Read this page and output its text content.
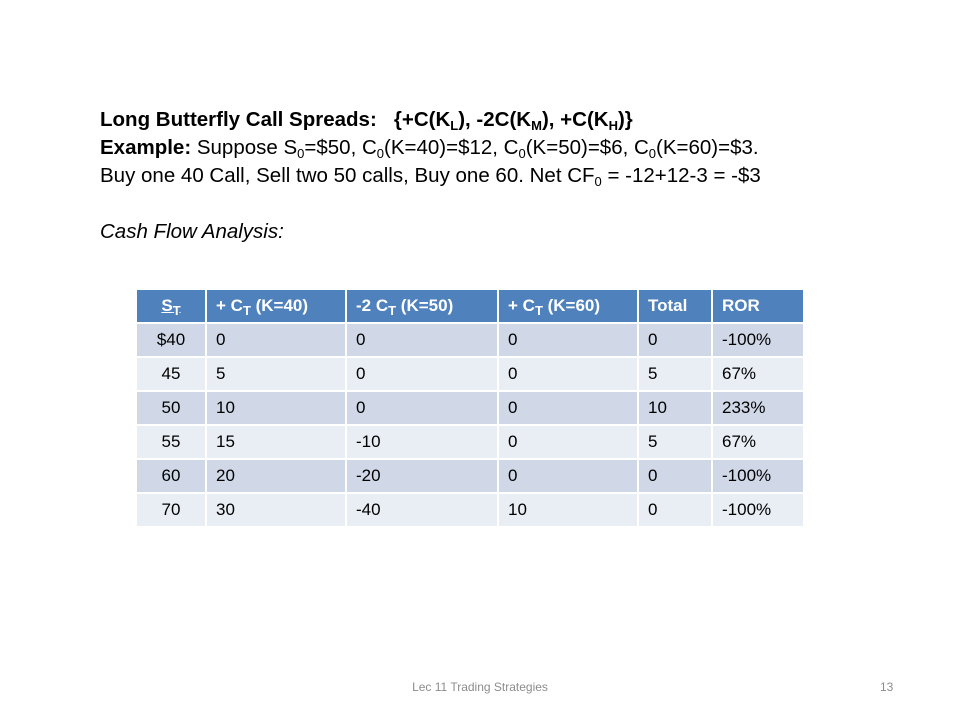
Long Butterfly Call Spreads: {$+C(K_L)$, $-2C(K_M)$, $+C(K_H)$}
Example: Suppose $S_0=\$50$, $C_0(K=40)=\$12$, $C_0(K=50)=\$6$, $C_0(K=60)=\$3$.
Buy one 40 Call, Sell two 50 calls, Buy one 60. Net $CF_0 = -12+12-3$ = -$3
Cash Flow Analysis:
$S_T$	+ $C_T$ (K=40)	-2 $C_T$ (K=50)	+ $C_T$ (K=60)	Total	ROR
$40	0	0	0	0	-100%
45	5	0	0	5	67%
50	10	0	0	10	233%
55	15	-10	0	5	67%
60	20	-20	0	0	-100%
70	30	-40	10	0	-100%
Lec 11 Trading Strategies	13
